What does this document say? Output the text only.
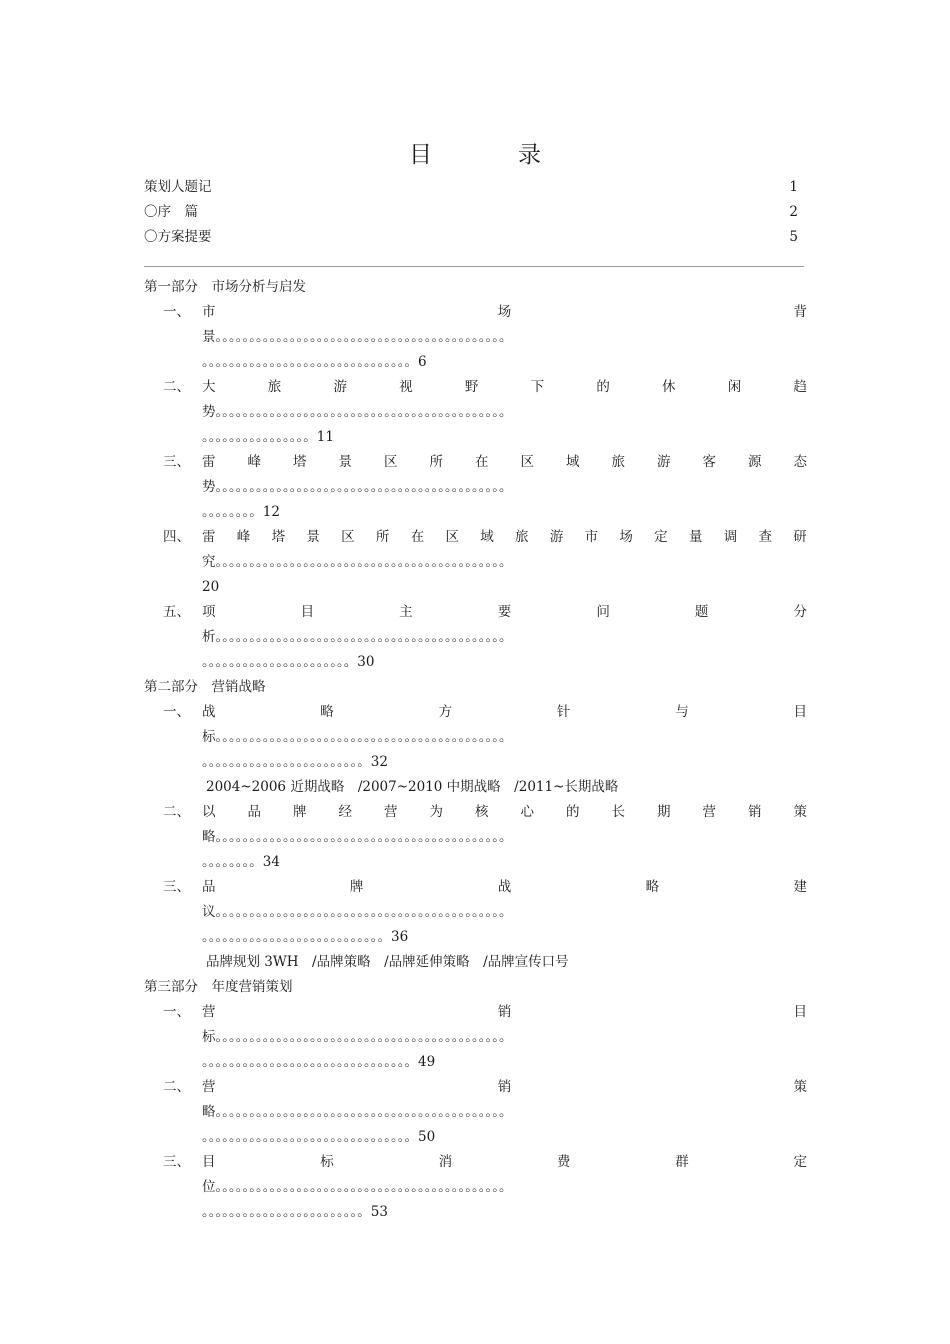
目	录
策划人题记	1
〇序　篇	2
〇方案提要	5
第一部分　市场分析与启发
一、 市	场	背
景。。。。。。。。。。。。。。。。。。。。。。。。。。。。。。。。。。。。。。。。。。。
。。。。。。。。。。。。。。。。。。。。。。。。。。。。。。。6
二、 大	旅	游	视	野	下	的	休	闲	趋
势。。。。。。。。。。。。。。。。。。。。。。。。。。。。。。。。。。。。。。。。。。。
。。。。。。。。。。。。。。。。11
三、 雷 峰 塔 景 区 所 在 区 域 旅 游 客 源 态
势。。。。。。。。。。。。。。。。。。。。。。。。。。。。。。。。。。。。。。。。。。。
。。。。。。。。12
四、 雷 峰 塔 景 区 所 在 区 域 旅 游 市 场 定 量 调 查 研
究。。。。。。。。。。。。。。。。。。。。。。。。。。。。。。。。。。。。。。。。。。。
20
五、 项	目	主	要	问	题	分
析。。。。。。。。。。。。。。。。。。。。。。。。。。。。。。。。。。。。。。。。。。。
。。。。。。。。。。。。。。。。。。。。。。30
第二部分　营销战略
一、 战	略	方	针	与	目
标。。。。。。。。。。。。。。。。。。。。。。。。。。。。。。。。。。。。。。。。。。。
。。。。。。。。。。。。。。。。。。。。。。。。32
2004~2006 近期战略　/2007~2010 中期战略　/2011~长期战略
二、 以 品 牌 经 营 为 核 心 的 长 期 营 销 策
略。。。。。。。。。。。。。。。。。。。。。。。。。。。。。。。。。。。。。。。。。。。
。。。。。。。。34
三、 品	牌	战	略	建
议。。。。。。。。。。。。。。。。。。。。。。。。。。。。。。。。。。。。。。。。。。。
。。。。。。。。。。。。。。。。。。。。。。。。。。。36
品牌规划 3WH　/品牌策略　/品牌延伸策略　/品牌宣传口号
第三部分　年度营销策划
一、 营	销	目
标。。。。。。。。。。。。。。。。。。。。。。。。。。。。。。。。。。。。。。。。。。。
。。。。。。。。。。。。。。。。。。。。。。。。。。。。。。。49
二、 营	销	策
略。。。。。。。。。。。。。。。。。。。。。。。。。。。。。。。。。。。。。。。。。。。
。。。。。。。。。。。。。。。。。。。。。。。。。。。。。。。50
三、 目	标	消	费	群	定
位。。。。。。。。。。。。。。。。。。。。。。。。。。。。。。。。。。。。。。。。。。。
。。。。。。。。。。。。。。。。。。。。。。。。53
